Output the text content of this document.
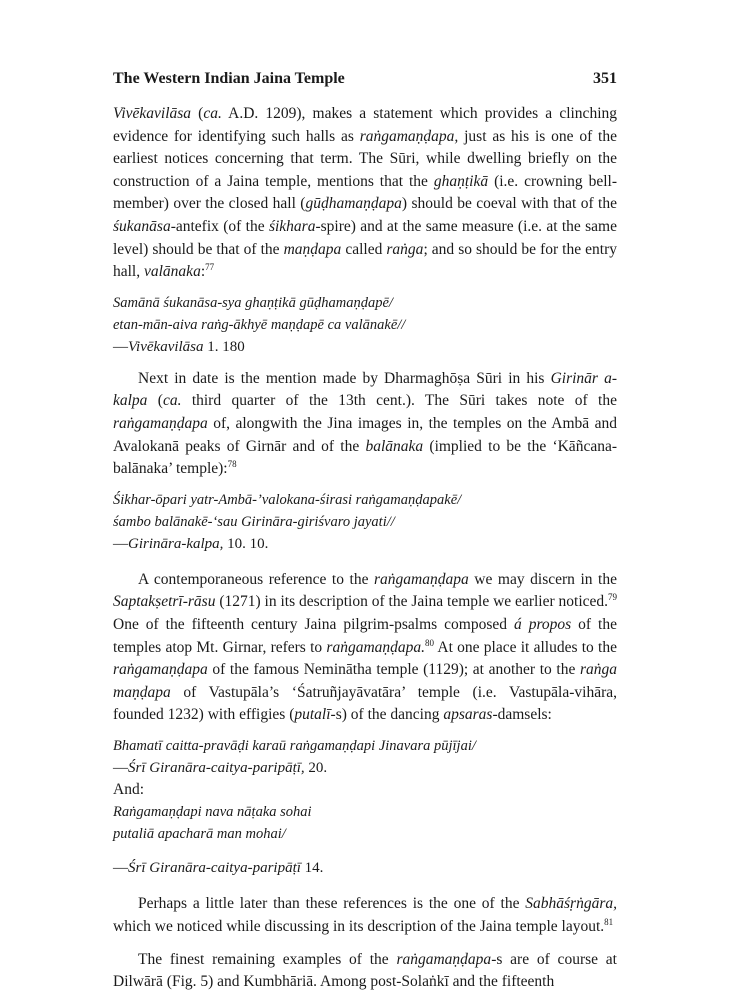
The Western Indian Jaina Temple	351

Vivēkavilāsa (ca. A.D. 1209), makes a statement which provides a clinching evidence for identifying such halls as raṅgamaṇḍapa, just as his is one of the earliest notices concerning that term. The Sūri, while dwelling briefly on the construction of a Jaina temple, mentions that the ghaṇṭikā (i.e. crowning bell-member) over the closed hall (gūḍhamaṇḍapa) should be coeval with that of the śukanāsa-antefix (of the śikhara-spire) and at the same measure (i.e. at the same level) should be that of the maṇḍapa called raṅga; and so should be for the entry hall, valānaka:$^{77}$

Samānā śukanāsa-sya ghaṇṭikā gūḍhamaṇḍapē/

etan-mān-aiva raṅg-ākhyē maṇḍapē ca valānakē//

—Vivēkavilāsa 1. 180

Next in date is the mention made by Dharmaghōṣa Sūri in his Girinār a-kalpa (ca. third quarter of the 13th cent.). The Sūri takes note of the raṅgamaṇḍapa of, alongwith the Jina images in, the temples on the Ambā and Avalokanā peaks of Girnār and of the balānaka (implied to be the ‘Kāñcana-balānaka’ temple):$^{78}$

Śikhar-ōpari yatr-Ambā-’valokana-śirasi raṅgamaṇḍapakē/

śambo balānakē-‘sau Girināra-giriśvaro jayati//

—Girināra-kalpa, 10. 10.

A contemporaneous reference to the raṅgamaṇḍapa we may discern in the Saptakṣetrī-rāsu (1271) in its description of the Jaina temple we earlier noticed.$^{79}$ One of the fifteenth century Jaina pilgrim-psalms composed á propos of the temples atop Mt. Girnar, refers to raṅgamaṇḍapa.$^{80}$ At one place it alludes to the raṅgamaṇḍapa of the famous Neminātha temple (1129); at another to the raṅga maṇḍapa of Vastupāla’s ‘Śatruñjayāvatāra’ temple (i.e. Vastupāla-vihāra, founded 1232) with effigies (putalī-s) of the dancing apsaras-damsels:

Bhamatī caitta-pravāḍi karaū raṅgamaṇḍapi Jinavara pūjījai/

—Śrī Giranāra-caitya-paripāṭī, 20.

And:

Raṅgamaṇḍapi nava nāṭaka sohai

putaliā apacharā man mohai/

—Śrī Giranāra-caitya-paripāṭī 14.

Perhaps a little later than these references is the one of the Sabhāśṛṅgāra, which we noticed while discussing in its description of the Jaina temple layout.$^{81}$

The finest remaining examples of the raṅgamaṇḍapa-s are of course at Dilwārā (Fig. 5) and Kumbhāriā. Among post-Solaṅkī and the fifteenth
